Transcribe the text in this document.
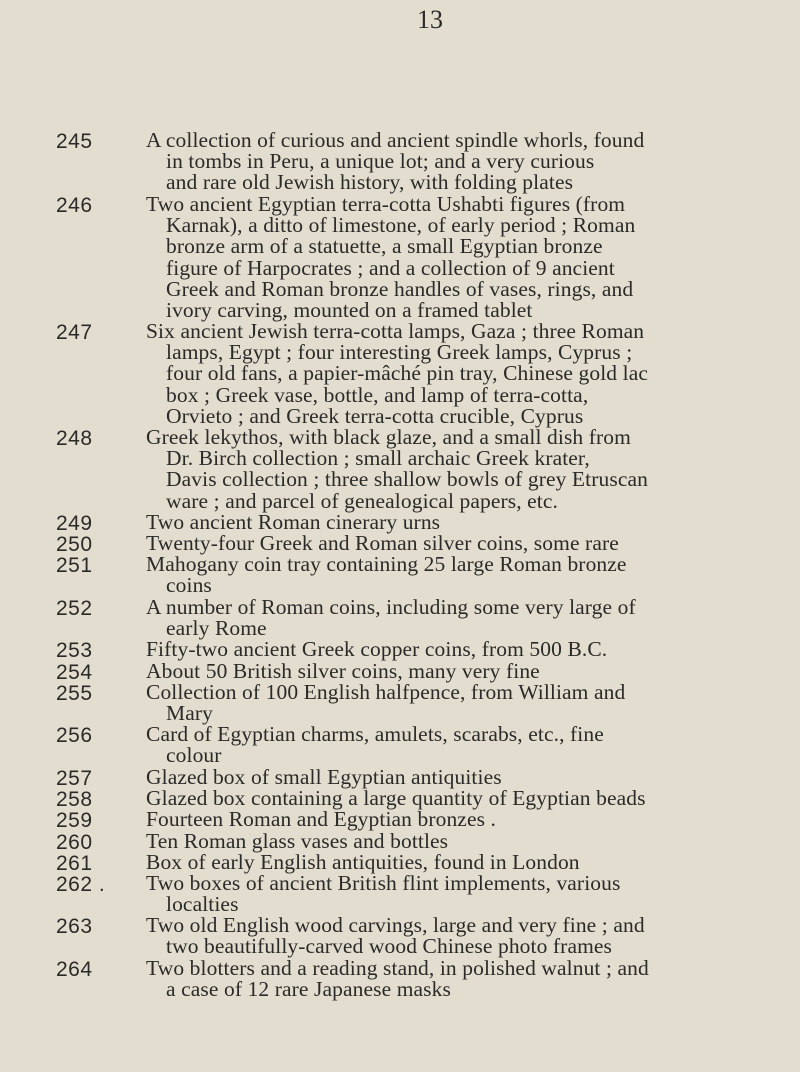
13
245	A collection of curious and ancient spindle whorls, found

in tombs in Peru, a unique lot; and a very curious

and rare old Jewish history, with folding plates

246	Two ancient Egyptian terra-cotta Ushabti figures (from

Karnak), a ditto of limestone, of early period ; Roman

bronze arm of a statuette, a small Egyptian bronze

figure of Harpocrates ; and a collection of 9 ancient

Greek and Roman bronze handles of vases, rings, and

ivory carving, mounted on a framed tablet

247	Six ancient Jewish terra-cotta lamps, Gaza ; three Roman

lamps, Egypt ; four interesting Greek lamps, Cyprus ;

four old fans, a papier-mâché pin tray, Chinese gold lac

box ; Greek vase, bottle, and lamp of terra-cotta,

Orvieto ; and Greek terra-cotta crucible, Cyprus

248	Greek lekythos, with black glaze, and a small dish from

Dr. Birch collection ; small archaic Greek krater,

Davis collection ; three shallow bowls of grey Etruscan

ware ; and parcel of genealogical papers, etc.

249	Two ancient Roman cinerary urns

250	Twenty-four Greek and Roman silver coins, some rare

251	Mahogany coin tray containing 25 large Roman bronze

coins

252	A number of Roman coins, including some very large of

early Rome

253	Fifty-two ancient Greek copper coins, from 500 B.C.

254	About 50 British silver coins, many very fine

255	Collection of 100 English halfpence, from William and

Mary

256	Card of Egyptian charms, amulets, scarabs, etc., fine

colour

257	Glazed box of small Egyptian antiquities

258	Glazed box containing a large quantity of Egyptian beads

259	Fourteen Roman and Egyptian bronzes .

260	Ten Roman glass vases and bottles

261	Box of early English antiquities, found in London

262 .	Two boxes of ancient British flint implements, various

localties

263	Two old English wood carvings, large and very fine ; and

two beautifully-carved wood Chinese photo frames

264	Two blotters and a reading stand, in polished walnut ; and

a case of 12 rare Japanese masks
